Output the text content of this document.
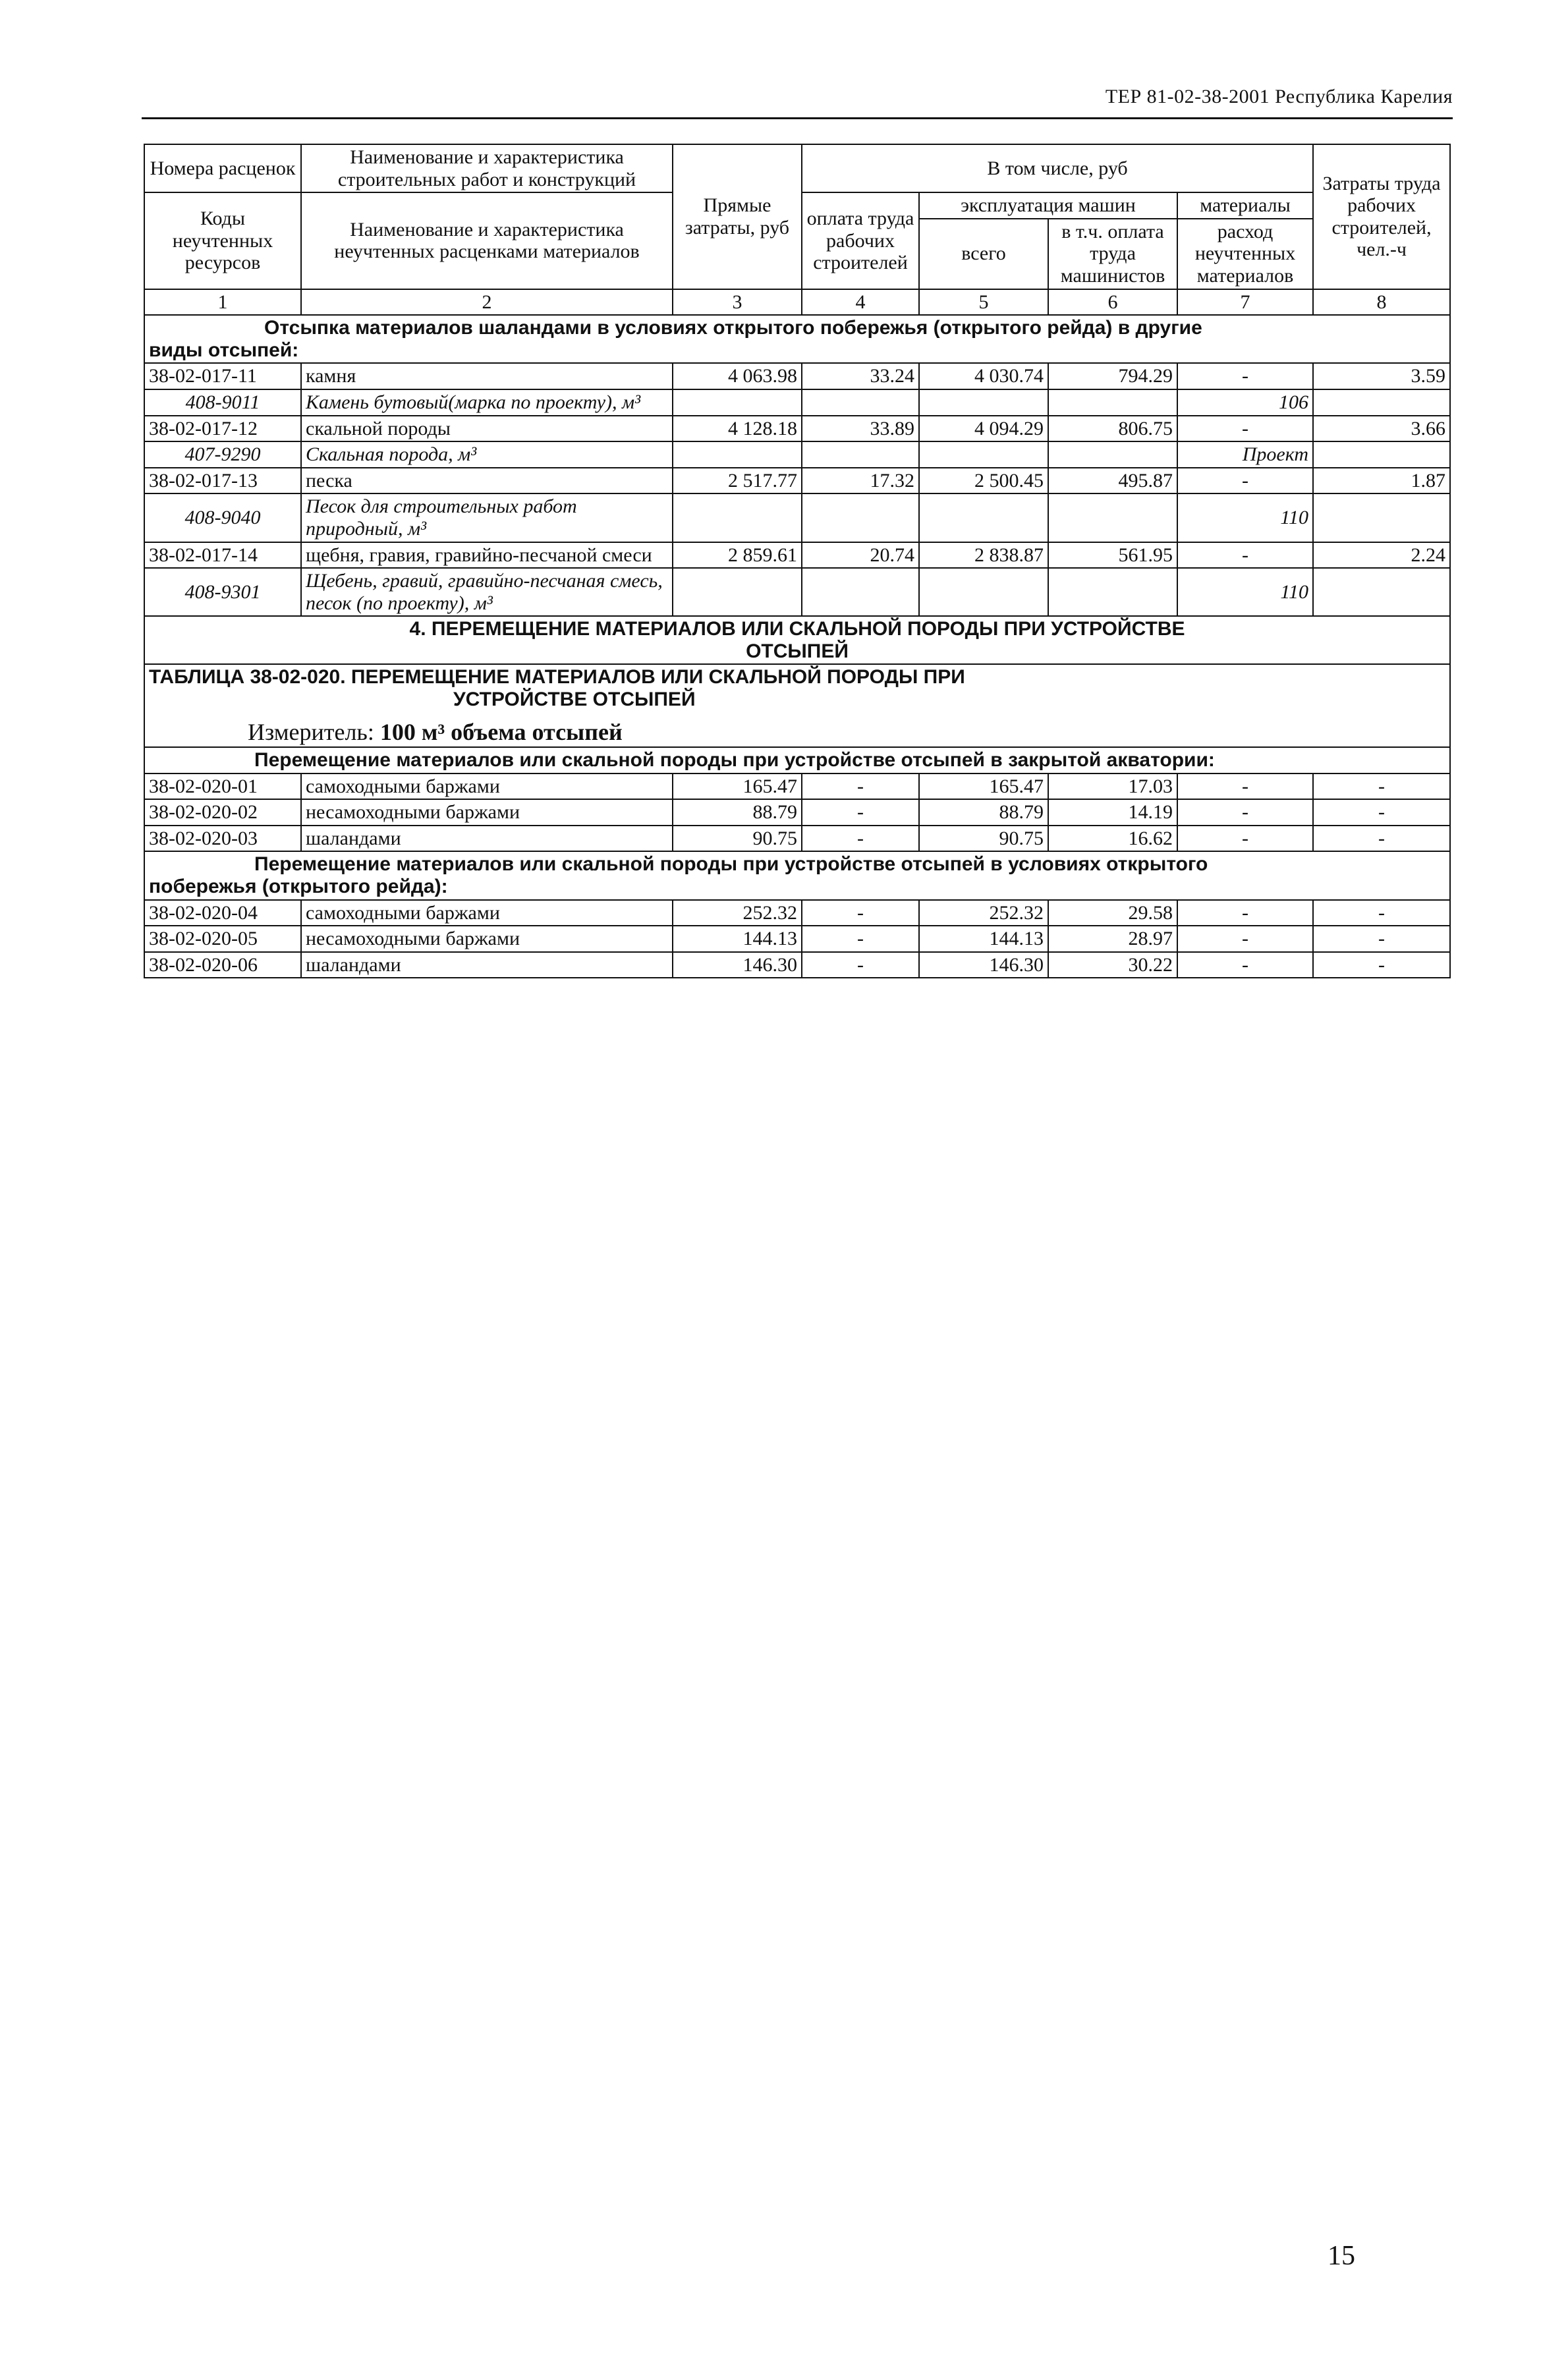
ТЕР 81-02-38-2001 Республика Карелия
Номера расценок	Наименование и характеристика строительных работ и конструкций	Прямые затраты, руб	В том числе, руб				Затраты труда рабочих строителей, чел.-ч
Коды неучтенных ресурсов	Наименование и характеристика неучтенных расценками материалов		оплата труда рабочих строителей	эксплуатация машин		материалы	
				всего	в т.ч. оплата труда машинистов	расход неучтенных материалов	

1	2	3	4	5	6	7	8
Отсыпка материалов шаландами в условиях открытого побережья (открытого рейда) в другие
виды отсыпей:							
38-02-017-11	камня	4 063.98	33.24	4 030.74	794.29	-	3.59
408-9011	Камень бутовый(марка по проекту), м³					106	
38-02-017-12	скальной породы	4 128.18	33.89	4 094.29	806.75	-	3.66
407-9290	Скальная порода, м³					Проект	
38-02-017-13	песка	2 517.77	17.32	2 500.45	495.87	-	1.87
408-9040	Песок для строительных работ природный, м³					110	
38-02-017-14	щебня, гравия, гравийно-песчаной смеси	2 859.61	20.74	2 838.87	561.95	-	2.24
408-9301	Щебень, гравий, гравийно-песчаная смесь, песок (по проекту), м³					110	
4. ПЕРЕМЕЩЕНИЕ МАТЕРИАЛОВ ИЛИ СКАЛЬНОЙ ПОРОДЫ ПРИ УСТРОЙСТВЕ
ОТСЫПЕЙ							
ТАБЛИЦА 38-02-020. ПЕРЕМЕЩЕНИЕ МАТЕРИАЛОВ ИЛИ СКАЛЬНОЙ ПОРОДЫ ПРИ
УСТРОЙСТВЕ ОТСЫПЕЙ
Измеритель: 100 м³ объема отсыпей							

Перемещение материалов или скальной породы при устройстве отсыпей в закрытой акватории:							

38-02-020-01	самоходными баржами	165.47	-	165.47	17.03	-	-
38-02-020-02	несамоходными баржами	88.79	-	88.79	14.19	-	-
38-02-020-03	шаландами	90.75	-	90.75	16.62	-	-

Перемещение материалов или скальной породы при устройстве отсыпей в условиях открытого
побережья (открытого рейда):							
38-02-020-04	самоходными баржами	252.32	-	252.32	29.58	-	-
38-02-020-05	несамоходными баржами	144.13	-	144.13	28.97	-	-
38-02-020-06	шаландами	146.30	-	146.30	30.22	-	-
15
